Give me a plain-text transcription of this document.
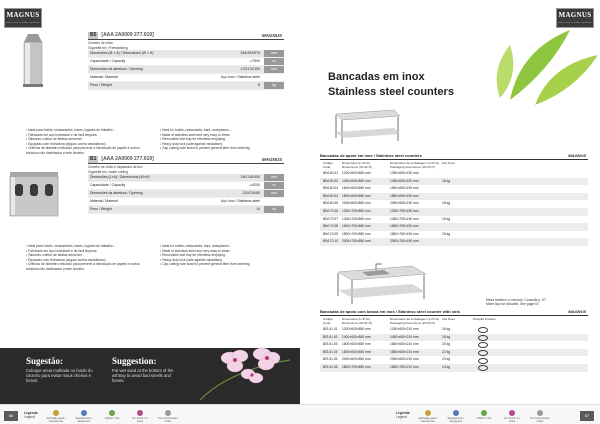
MAGNUS
com você a todas as horas
B5 [AAA 2A0009 277.019]	MAGNUS
Cinzeiro de chão
Cigarette bin, Freestanding
Dimensões (Ø × A) / Dimensions (Ø × H)	254/254/970	mm
Capacidade / Capacity	≥7500	cc
Dimensões da abertura / Opening	170/170/100	mm
Material / Material	Aço Inox / Stainless steel
Peso / Weight	8	kg
• Ideal para hotéis, restaurantes, bares, lugares de trabalho...
• Fabricado em aço inoxidável e de fácil limpeza.
• Tabuleiro coletor de beatas amovível.
• Equipado com fechadura (seguro contra vandalismo).
• Orifícios de diâmetro reduzido para prevenir a introdução de papéis e outros resíduos não destinados a este cinzeiro.
• Ideal for hotels, restaurants, bars, workplaces...
• Made of stainless steel and very easy to clean.
• Removable butt tray for effortless emptying.
• Heavy duty lock (safe against vandalism).
• Cap cutting hole sized to prevent general litter from entering.
B1 [AAA 2A0009 277.019]	MAGNUS
Cinzeiro de chão c/ separador de lixo
Cigarette bin, waste sorting
Dimensões (L×A) / Dimensions (W×H)	240/740/400	mm
Capacidade / Capacity	≥4200	cc
Dimensões da abertura / Opening	210/210/80	mm
Material / Material	Aço Inox / Stainless steel
Peso / Weight	14	kg
• Ideal para hotéis, restaurantes, bares, lugares de trabalho...
• Fabricado em aço inoxidável e de fácil limpeza.
• Tabuleiro coletor de beatas amovível.
• Equipado com fechadura (seguro contra vandalismo).
• Orifícios de diâmetro reduzido para prevenir a introdução de papéis e outros resíduos não destinados a este cinzeiro.
• Ideal for hotels, restaurants, bars, workplaces...
• Made of stainless steel and very easy to clean.
• Removable butt tray for effortless emptying.
• Heavy duty lock (safe against vandalism).
• Cap cutting hole sized to prevent general litter from entering.
Sugestão:
Coloque areia molhada no fundo do cinzeiro para evitar maus cheiros e fumos.
Suggestion:
Put wet sand at the bottom of the ashtray to avoid bad smells and fumes.
66	Legenda
Legend	Aplicação geral / General use
Equipamento / Equipment
Utilizar / Use	Em stock / In stock
Por encomenda / Order
MAGNUS
com você a todas as horas
Bancadas em inox
Stainless steel counters
Bancadas de apoio em inox / Stainless steel counters	MAGNUS
Código Code
Dimensões (L×P×A) Dimensions (W×D×H)
Dimensões da embalagem (L×P×A) Packaging dimensions (W×D×H)
Kilo Peso
BIM.60.01 1200×600×850 mm	1250×650×190 mm
BIM.60.02 1400×600×850 mm	1450×650×190 mm	16 kg
BIM.60.03 1600×600×850 mm	1650×650×190 mm
BIM.60.04 1800×600×850 mm	1850×650×190 mm
BIM.60.05 2000×600×850 mm	2050×650×190 mm	18 kg
BIM.70.06 1200×700×850 mm	1250×750×190 mm
BIM.70.07 1400×700×850 mm	1450×750×190 mm	16 kg
BIM.70.08 1600×700×850 mm	1650×750×190 mm
BIM.70.09 1800×700×850 mm	1850×750×190 mm	18 kg
BIM.70.10 2000×700×850 mm	2050×750×190 mm
Mesa também c/ rebordo. Consulte p. 67.
Mixer tap not included. See page 67.
Bancadas de apoio com banca em inox / Stainless steel counter with sink	MAGNUS
Código Code
Dimensões (L×P×A) Dimensions (W×D×H)
Dimensões da embalagem (L×P×A) Packaging dimensions (W×D×H)
Kilo Peso	Posição Position
BIS.61.01 1200×600×850 mm	1250×650×210 mm	16 kg
BIS.61.02 1400×600×850 mm	1450×650×210 mm	18 kg
BIS.61.03 1600×600×850 mm	1650×650×210 mm	20 kg
BIS.61.04 1800×600×850 mm	1850×650×210 mm	22 kg
BIS.61.05 2000×600×850 mm	2050×650×210 mm	24 kg
BIS.61.06 1800×700×850 mm	1850×750×210 mm	24 kg
Legenda
Legend	Aplicação geral / General use
Equipamento / Equipment
Utilizar / Use	Em stock / In stock
Por encomenda / Order
67
